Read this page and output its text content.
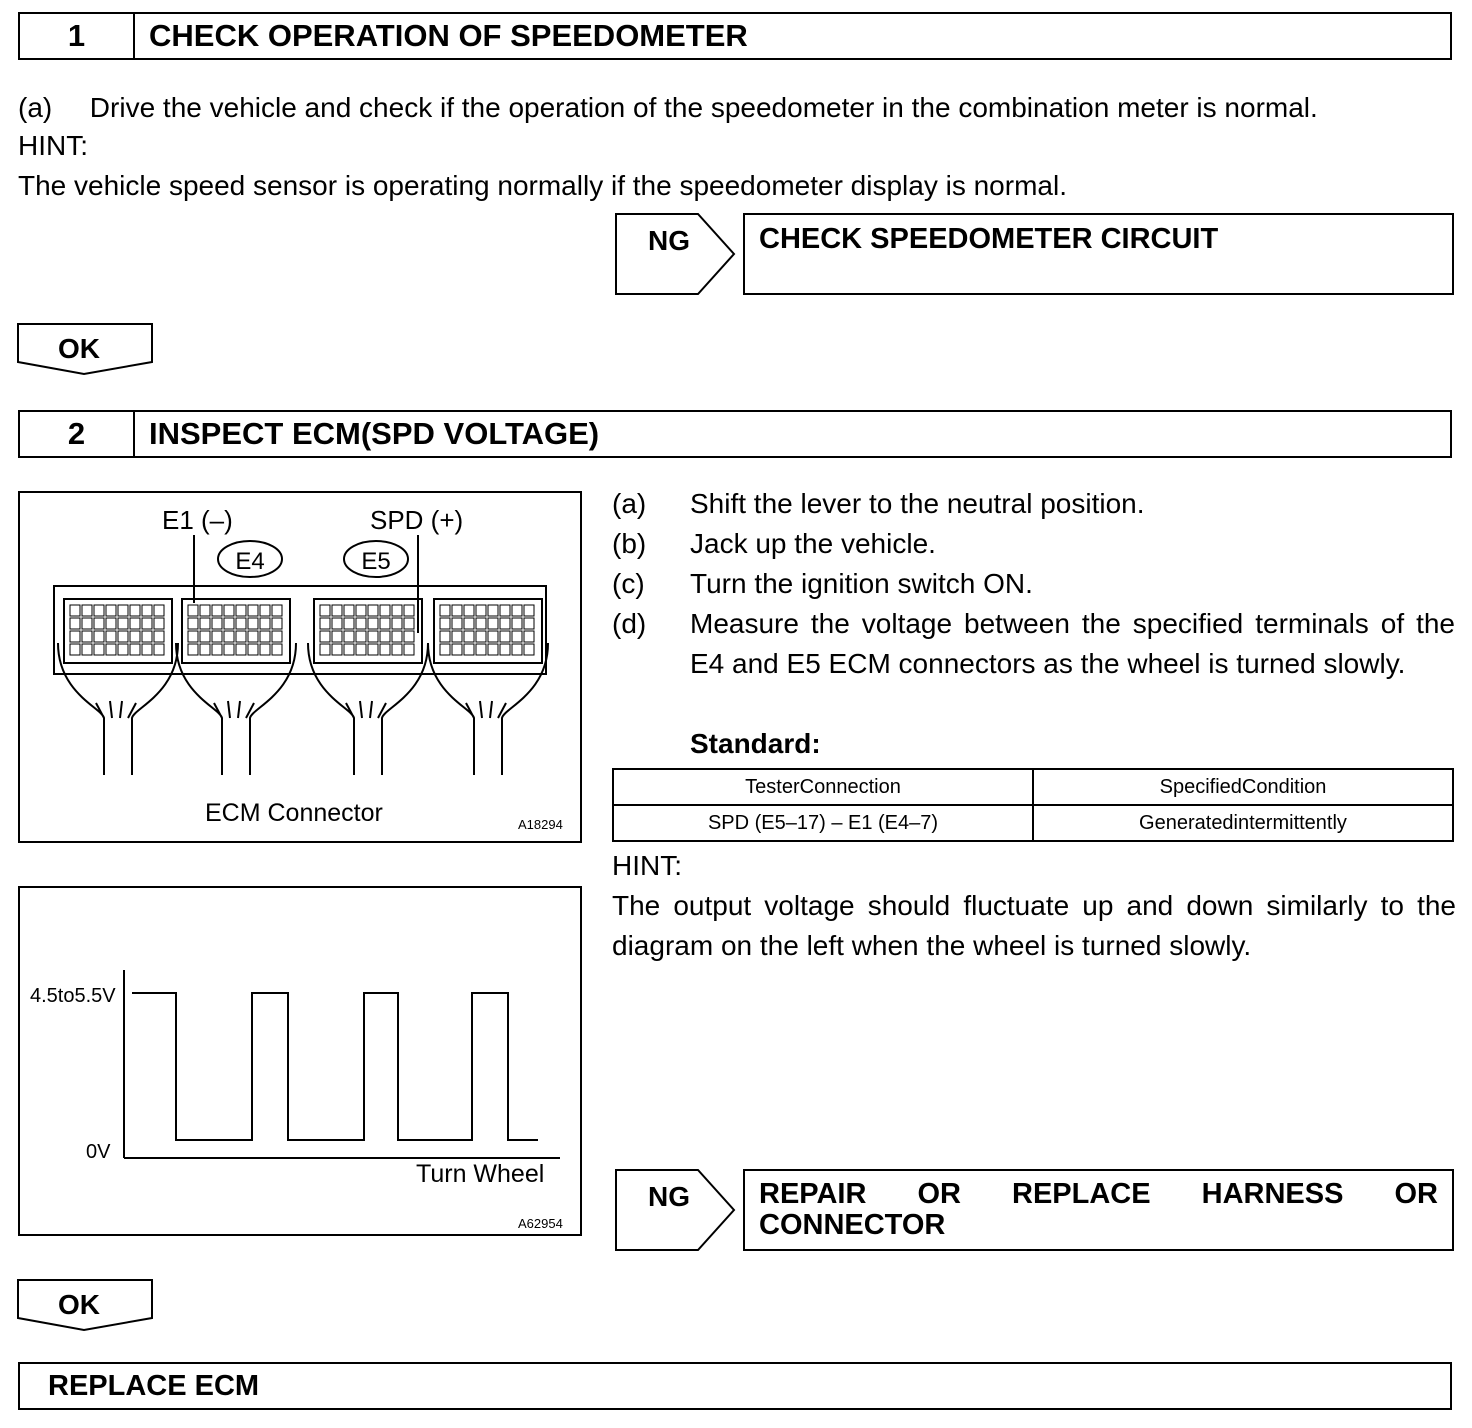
1	CHECK OPERATION OF SPEEDOMETER
(a) Drive the vehicle and check if the operation of the speedometer in the combination meter is normal.
HINT:
The vehicle speed sensor is operating normally if the speedometer display is normal.
NG	CHECK SPEEDOMETER CIRCUIT
OK
2	INSPECT ECM(SPD VOLTAGE)
E1 (–)	SPD (+)
E4	E5
ECM Connector	A18294
4.5to5.5V
0V
Turn Wheel
A62954
(a) Shift the lever to the neutral position.
(b) Jack up the vehicle.
(c) Turn the ignition switch ON.
(d) Measure the voltage between the specified terminals of the E4 and E5 ECM connectors as the wheel is turned slowly.
Standard:
TesterConnection	SpecifiedCondition
SPD (E5–17) – E1 (E4–7)	Generatedintermittently
HINT:
The output voltage should fluctuate up and down similarly to the diagram on the left when the wheel is turned slowly.
NG	REPAIR OR REPLACE HARNESS OR CONNECTOR
OK
REPLACE ECM
